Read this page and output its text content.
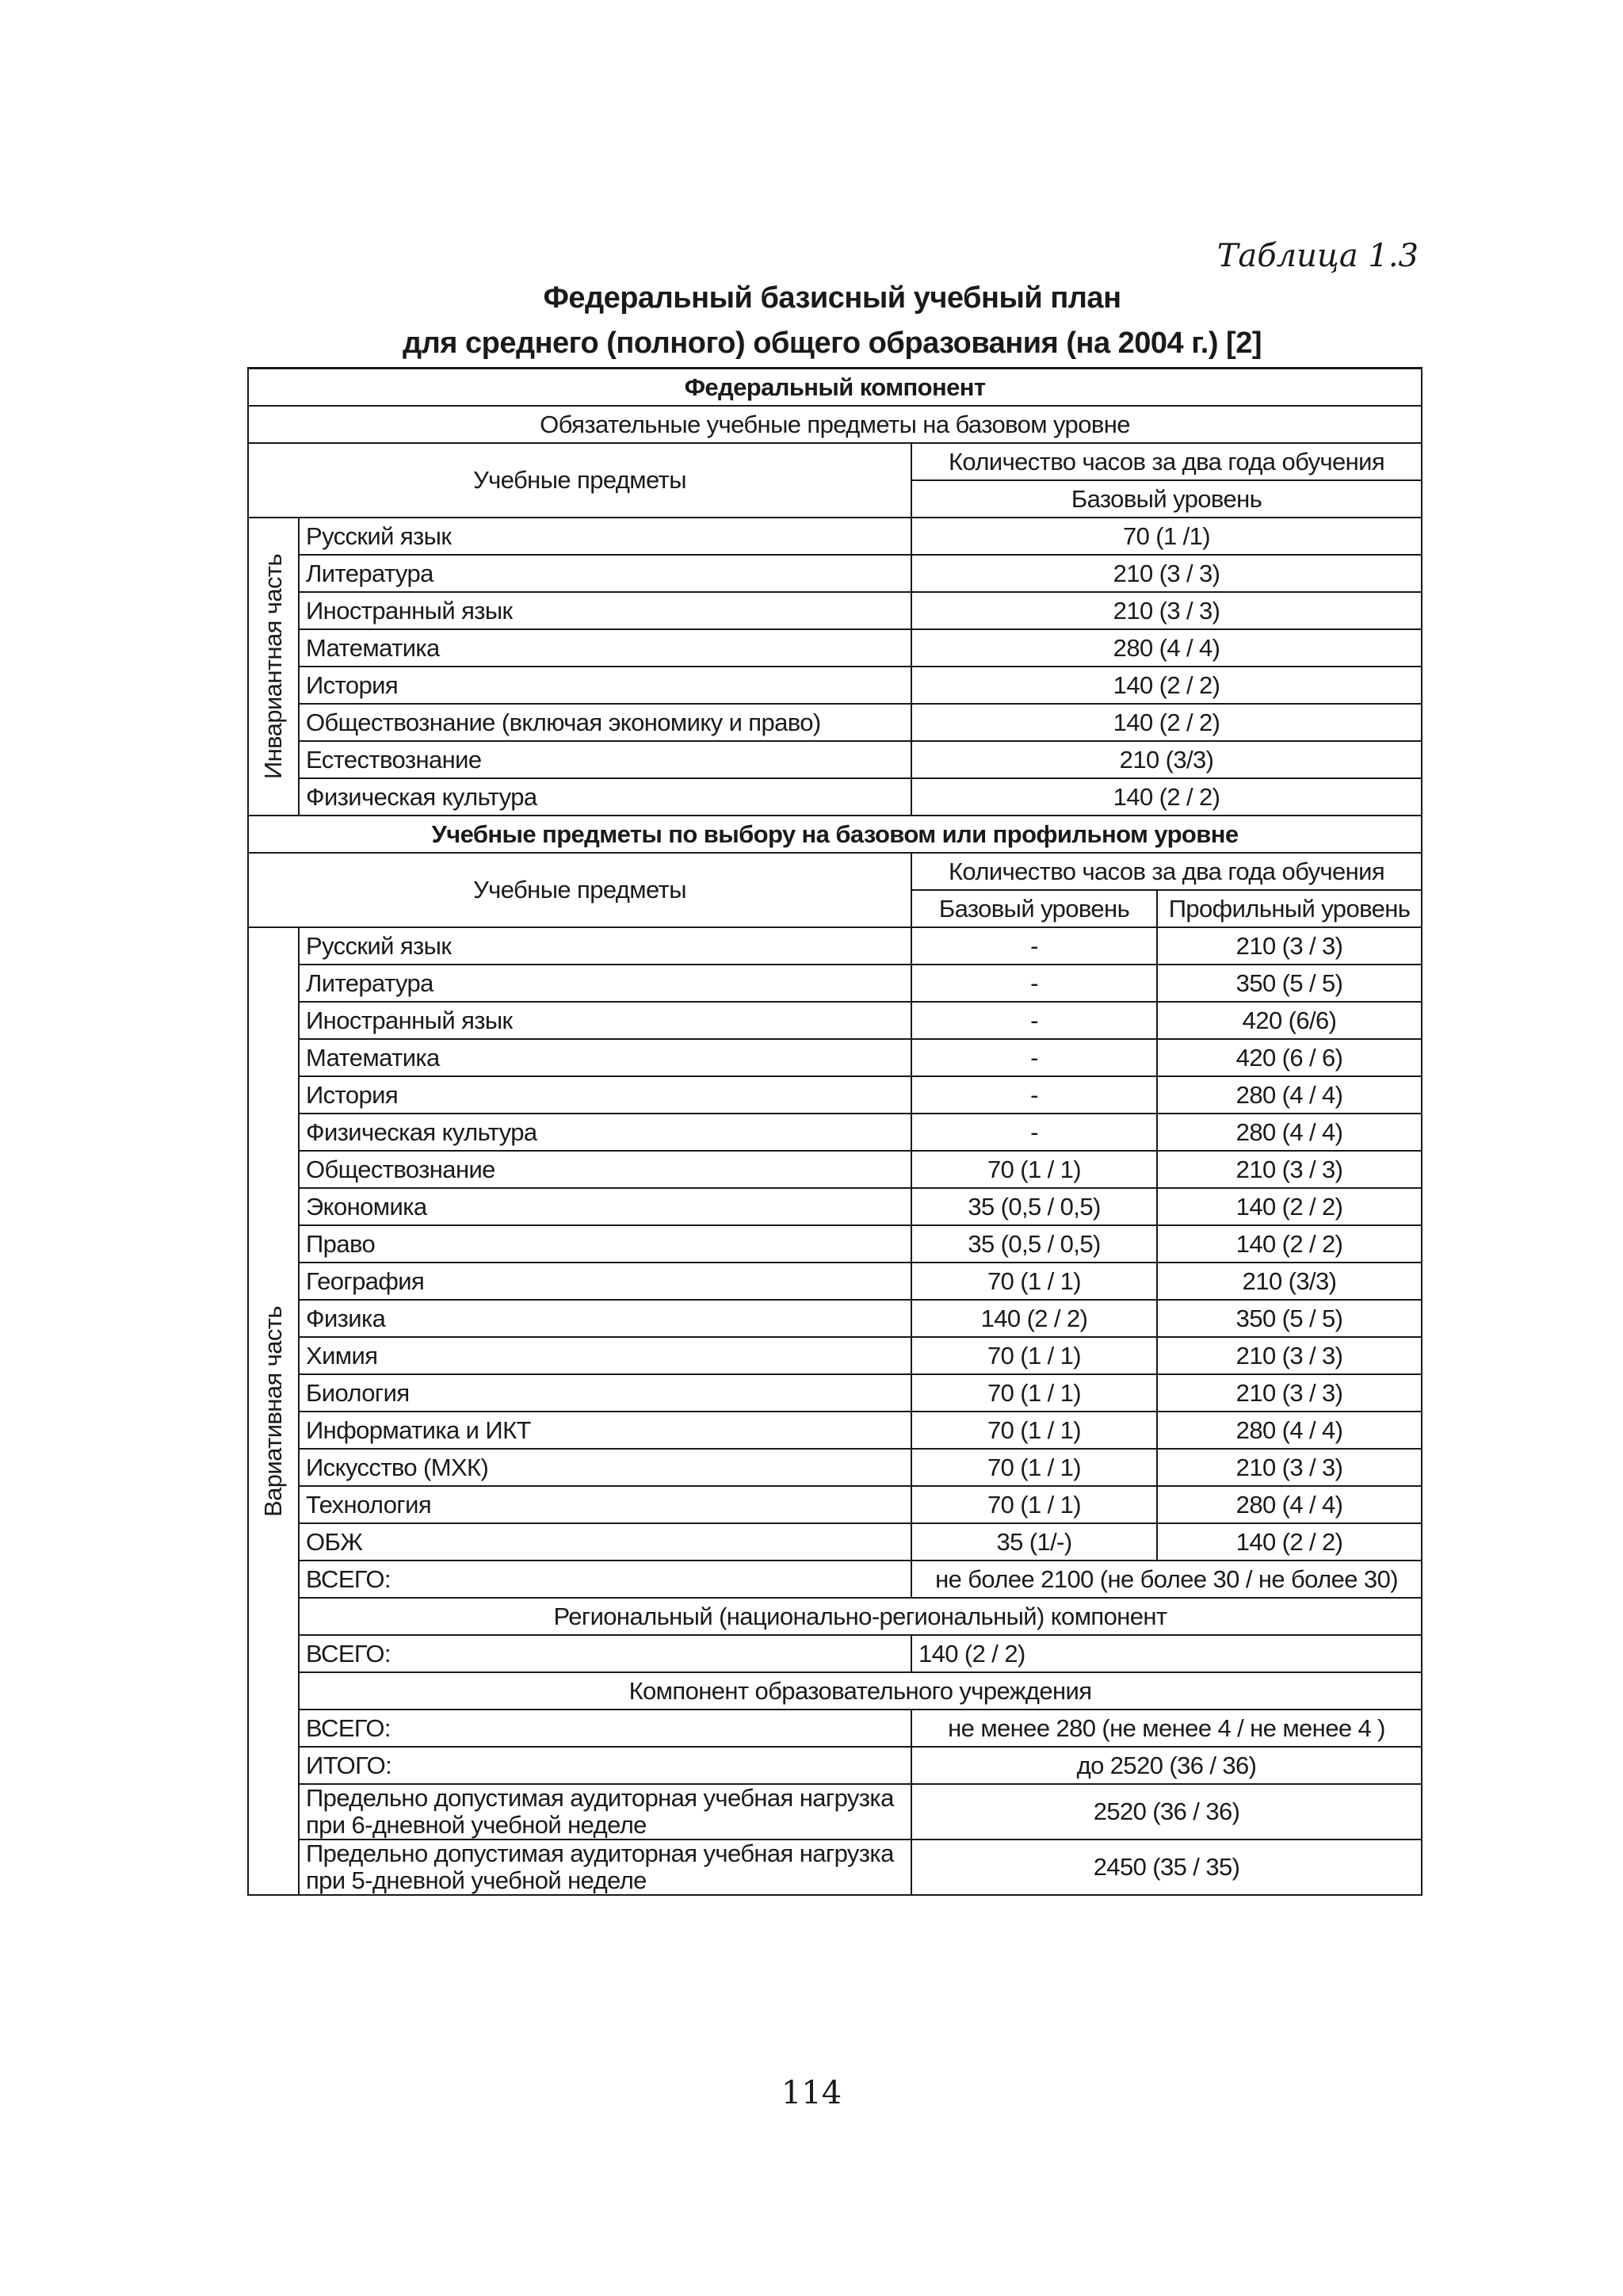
Таблица 1.3
Федеральный базисный учебный план
для среднего (полного) общего образования (на 2004 г.) [2]
Федеральный компонент			
Обязательные учебные предметы на базовом уровне			
Учебные предметы		Количество часов за два года обучения	
		Базовый уровень	

Инвариантная часть	Русский язык	70 (1 /1)	
	Литература	210 (3 / 3)	
	Иностранный язык	210 (3 / 3)	
	Математика	280 (4 / 4)	
	История	140 (2 / 2)	
	Обществознание (включая экономику и право)	140 (2 / 2)	
	Естествознание	210 (3/3)	
	Физическая культура	140 (2 / 2)	
Учебные предметы по выбору на базовом или профильном уровне			
Учебные предметы		Количество часов за два года обучения	
		Базовый уровень	Профильный уровень

Вариативная часть	Русский язык	-	210 (3 / 3)
	Литература	-	350 (5 / 5)
	Иностранный язык	-	420 (6/6)
	Математика	-	420 (6 / 6)
	История	-	280 (4 / 4)
	Физическая культура	-	280 (4 / 4)
	Обществознание	70 (1 / 1)	210 (3 / 3)
	Экономика	35 (0,5 / 0,5)	140 (2 / 2)
	Право	35 (0,5 / 0,5)	140 (2 / 2)
	География	70 (1 / 1)	210 (3/3)
	Физика	140 (2 / 2)	350 (5 / 5)
	Химия	70 (1 / 1)	210 (3 / 3)
	Биология	70 (1 / 1)	210 (3 / 3)
	Информатика и ИКТ	70 (1 / 1)	280 (4 / 4)
	Искусство (МХК)	70 (1 / 1)	210 (3 / 3)
	Технология	70 (1 / 1)	280 (4 / 4)
	ОБЖ	35 (1/-)	140 (2 / 2)
	ВСЕГО:	не более 2100 (не более 30 / не более 30)	
	Региональный (национально-региональный) компонент		
	ВСЕГО:	140 (2 / 2)	
	Компонент образовательного учреждения		
	ВСЕГО:	не менее 280 (не менее 4 / не менее 4 )	
	ИТОГО:	до 2520 (36 / 36)	
	Предельно допустимая аудиторная учебная нагрузка
при 6-дневной учебной неделе	2520 (36 / 36)	
	Предельно допустимая аудиторная учебная нагрузка
при 5-дневной учебной неделе	2450 (35 / 35)	
114
